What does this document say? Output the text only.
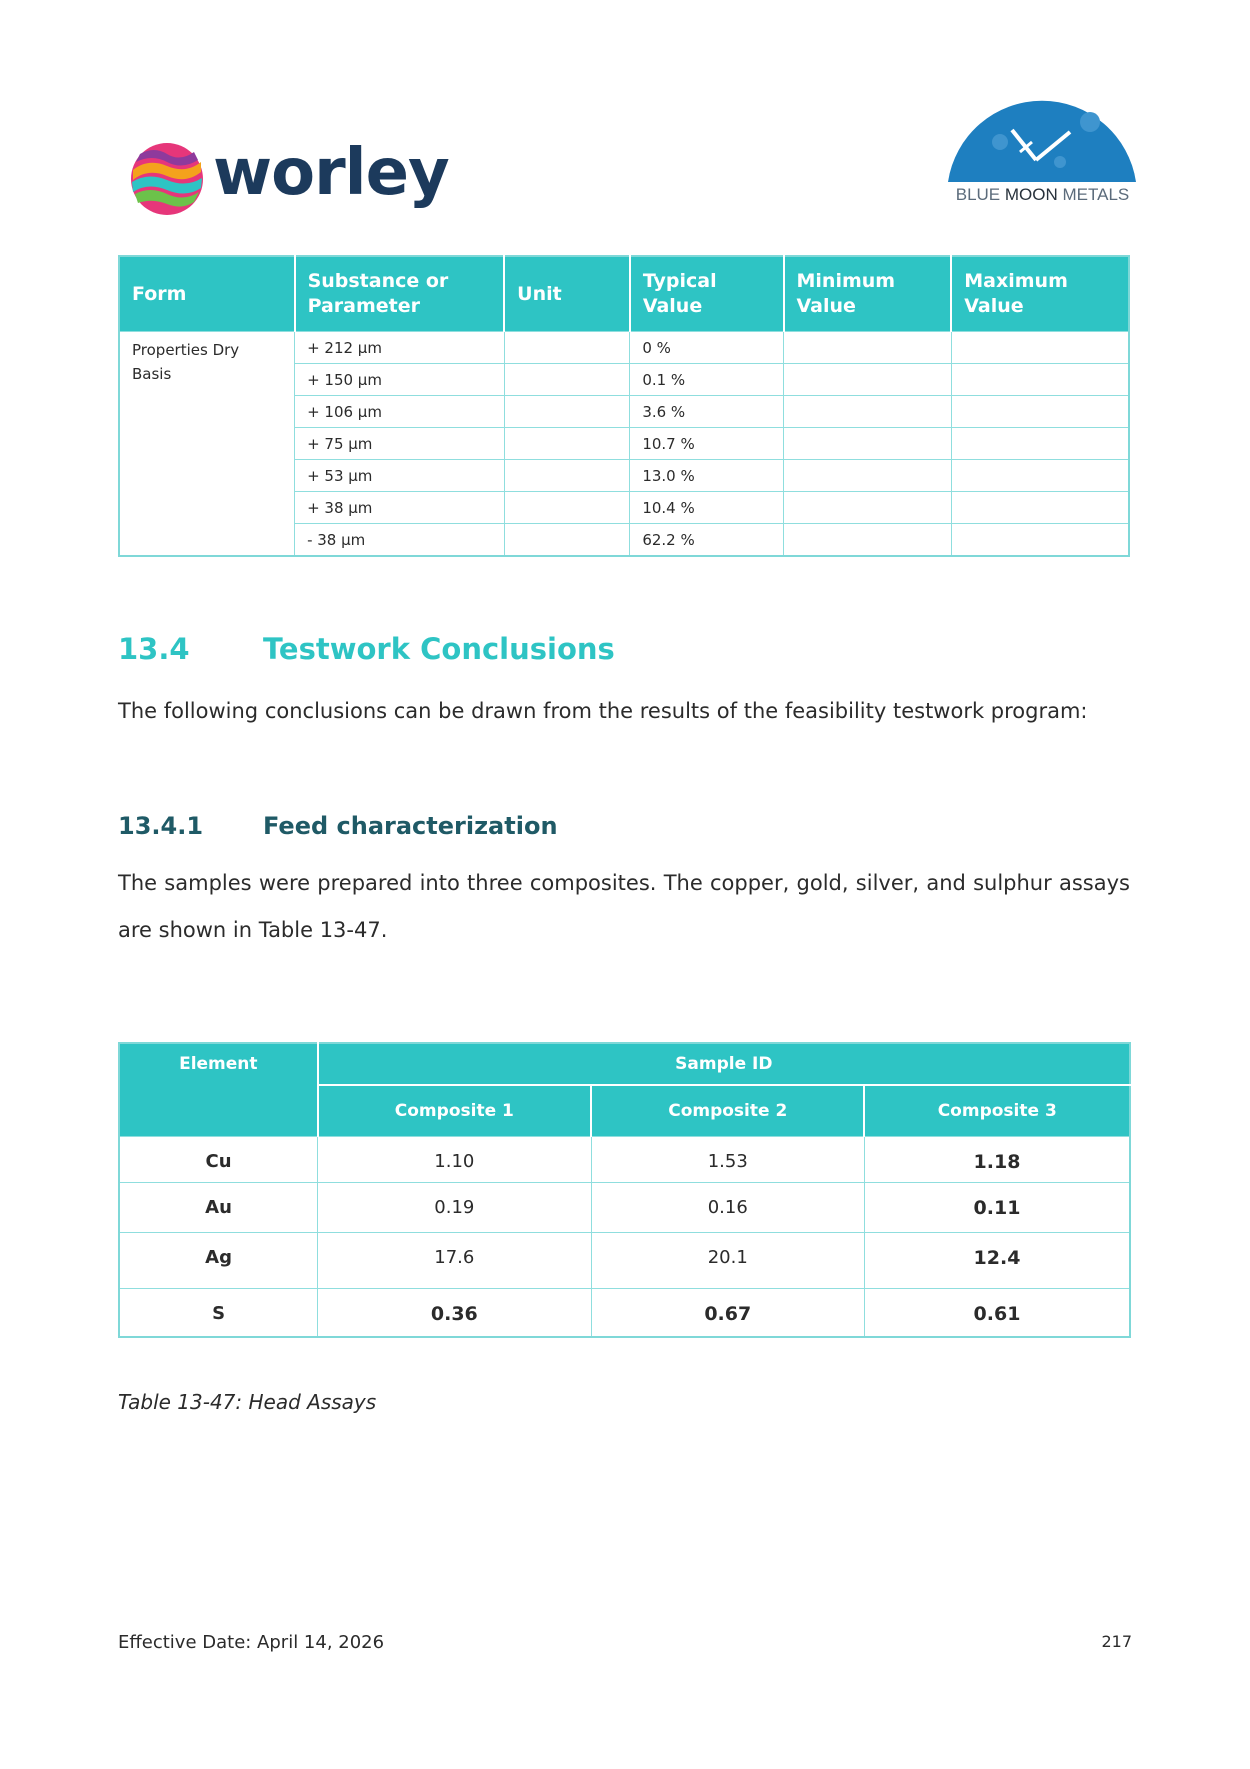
worley	BLUE MOON METALS
Form	Substance or Parameter	Unit	Typical Value	Minimum Value	Maximum Value
Properties Dry Basis	+ 212 µm		0 %		
	+ 150 µm		0.1 %		
	+ 106 µm		3.6 %		
	+ 75 µm		10.7 %		
	+ 53 µm		13.0 %		
	+ 38 µm		10.4 %		
	- 38 µm		62.2 %		
13.4	Testwork Conclusions
The following conclusions can be drawn from the results of the feasibility testwork program:
13.4.1 Feed characterization
The samples were prepared into three composites. The copper, gold, silver, and sulphur assays are shown in Table 13-47.
Element	Sample ID		
	Composite 1	Composite 2	Composite 3
Cu	1.10	1.53	1.18
Au	0.19	0.16	0.11
Ag	17.6	20.1	12.4
S	0.36	0.67	0.61
Table 13-47: Head Assays
Effective Date: April 14, 2026	217
